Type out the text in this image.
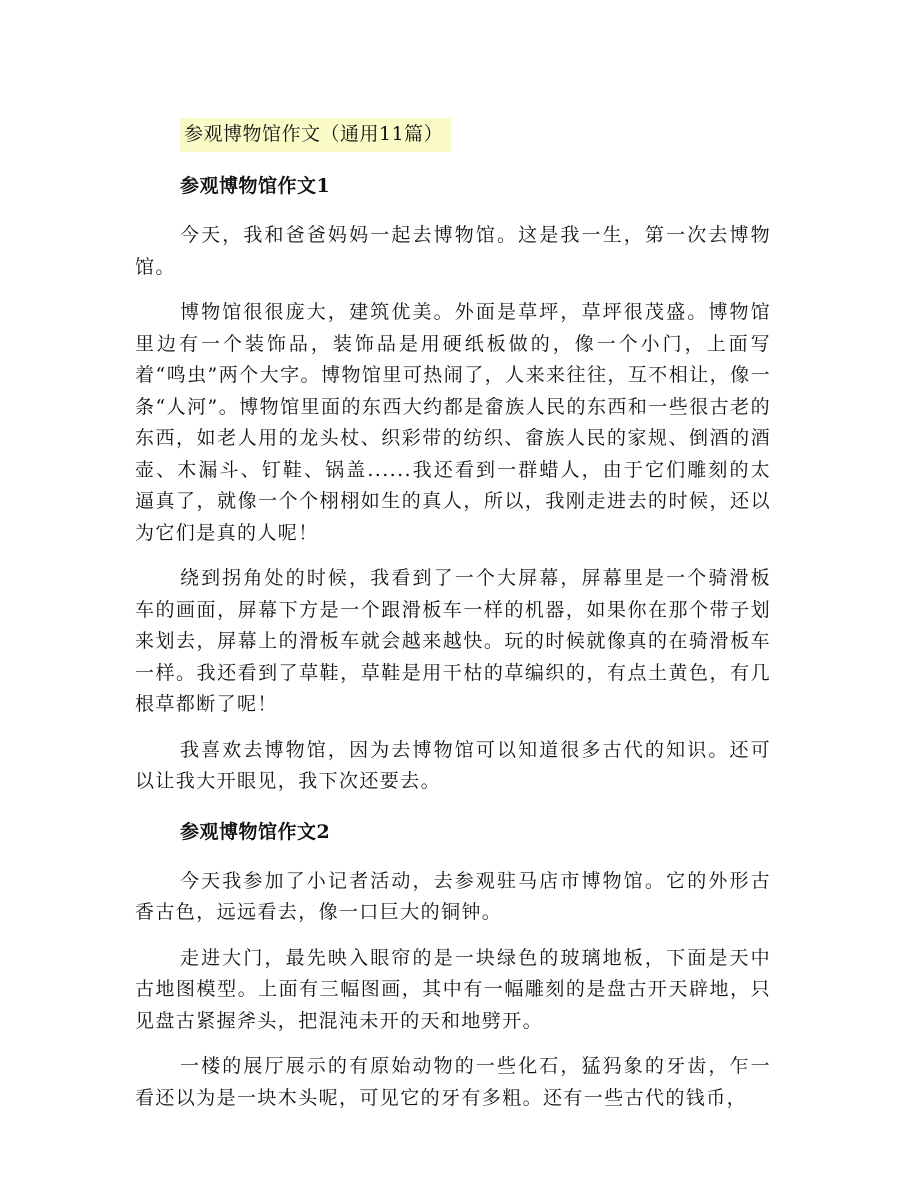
参观博物馆作文（通用11篇）
参观博物馆作文1

今天，我和爸爸妈妈一起去博物馆。这是我一生，第一次去博物馆。

博物馆很很庞大，建筑优美。外面是草坪，草坪很茂盛。博物馆里边有一个装饰品，装饰品是用硬纸板做的，像一个小门，上面写着“鸣虫”两个大字。博物馆里可热闹了，人来来往往，互不相让，像一条“人河”。博物馆里面的东西大约都是畲族人民的东西和一些很古老的东西，如老人用的龙头杖、织彩带的纺织、畲族人民的家规、倒酒的酒壶、木漏斗、钉鞋、锅盖......我还看到一群蜡人，由于它们雕刻的太逼真了，就像一个个栩栩如生的真人，所以，我刚走进去的时候，还以为它们是真的人呢！

绕到拐角处的时候，我看到了一个大屏幕，屏幕里是一个骑滑板车的画面，屏幕下方是一个跟滑板车一样的机器，如果你在那个带子划来划去，屏幕上的滑板车就会越来越快。玩的时候就像真的在骑滑板车一样。我还看到了草鞋，草鞋是用干枯的草编织的，有点土黄色，有几根草都断了呢！

我喜欢去博物馆，因为去博物馆可以知道很多古代的知识。还可以让我大开眼见，我下次还要去。

参观博物馆作文2

今天我参加了小记者活动，去参观驻马店市博物馆。它的外形古香古色，远远看去，像一口巨大的铜钟。

走进大门，最先映入眼帘的是一块绿色的玻璃地板，下面是天中古地图模型。上面有三幅图画，其中有一幅雕刻的是盘古开天辟地，只见盘古紧握斧头，把混沌未开的天和地劈开。

一楼的展厅展示的有原始动物的一些化石，猛犸象的牙齿，乍一看还以为是一块木头呢，可见它的牙有多粗。还有一些古代的钱币，
